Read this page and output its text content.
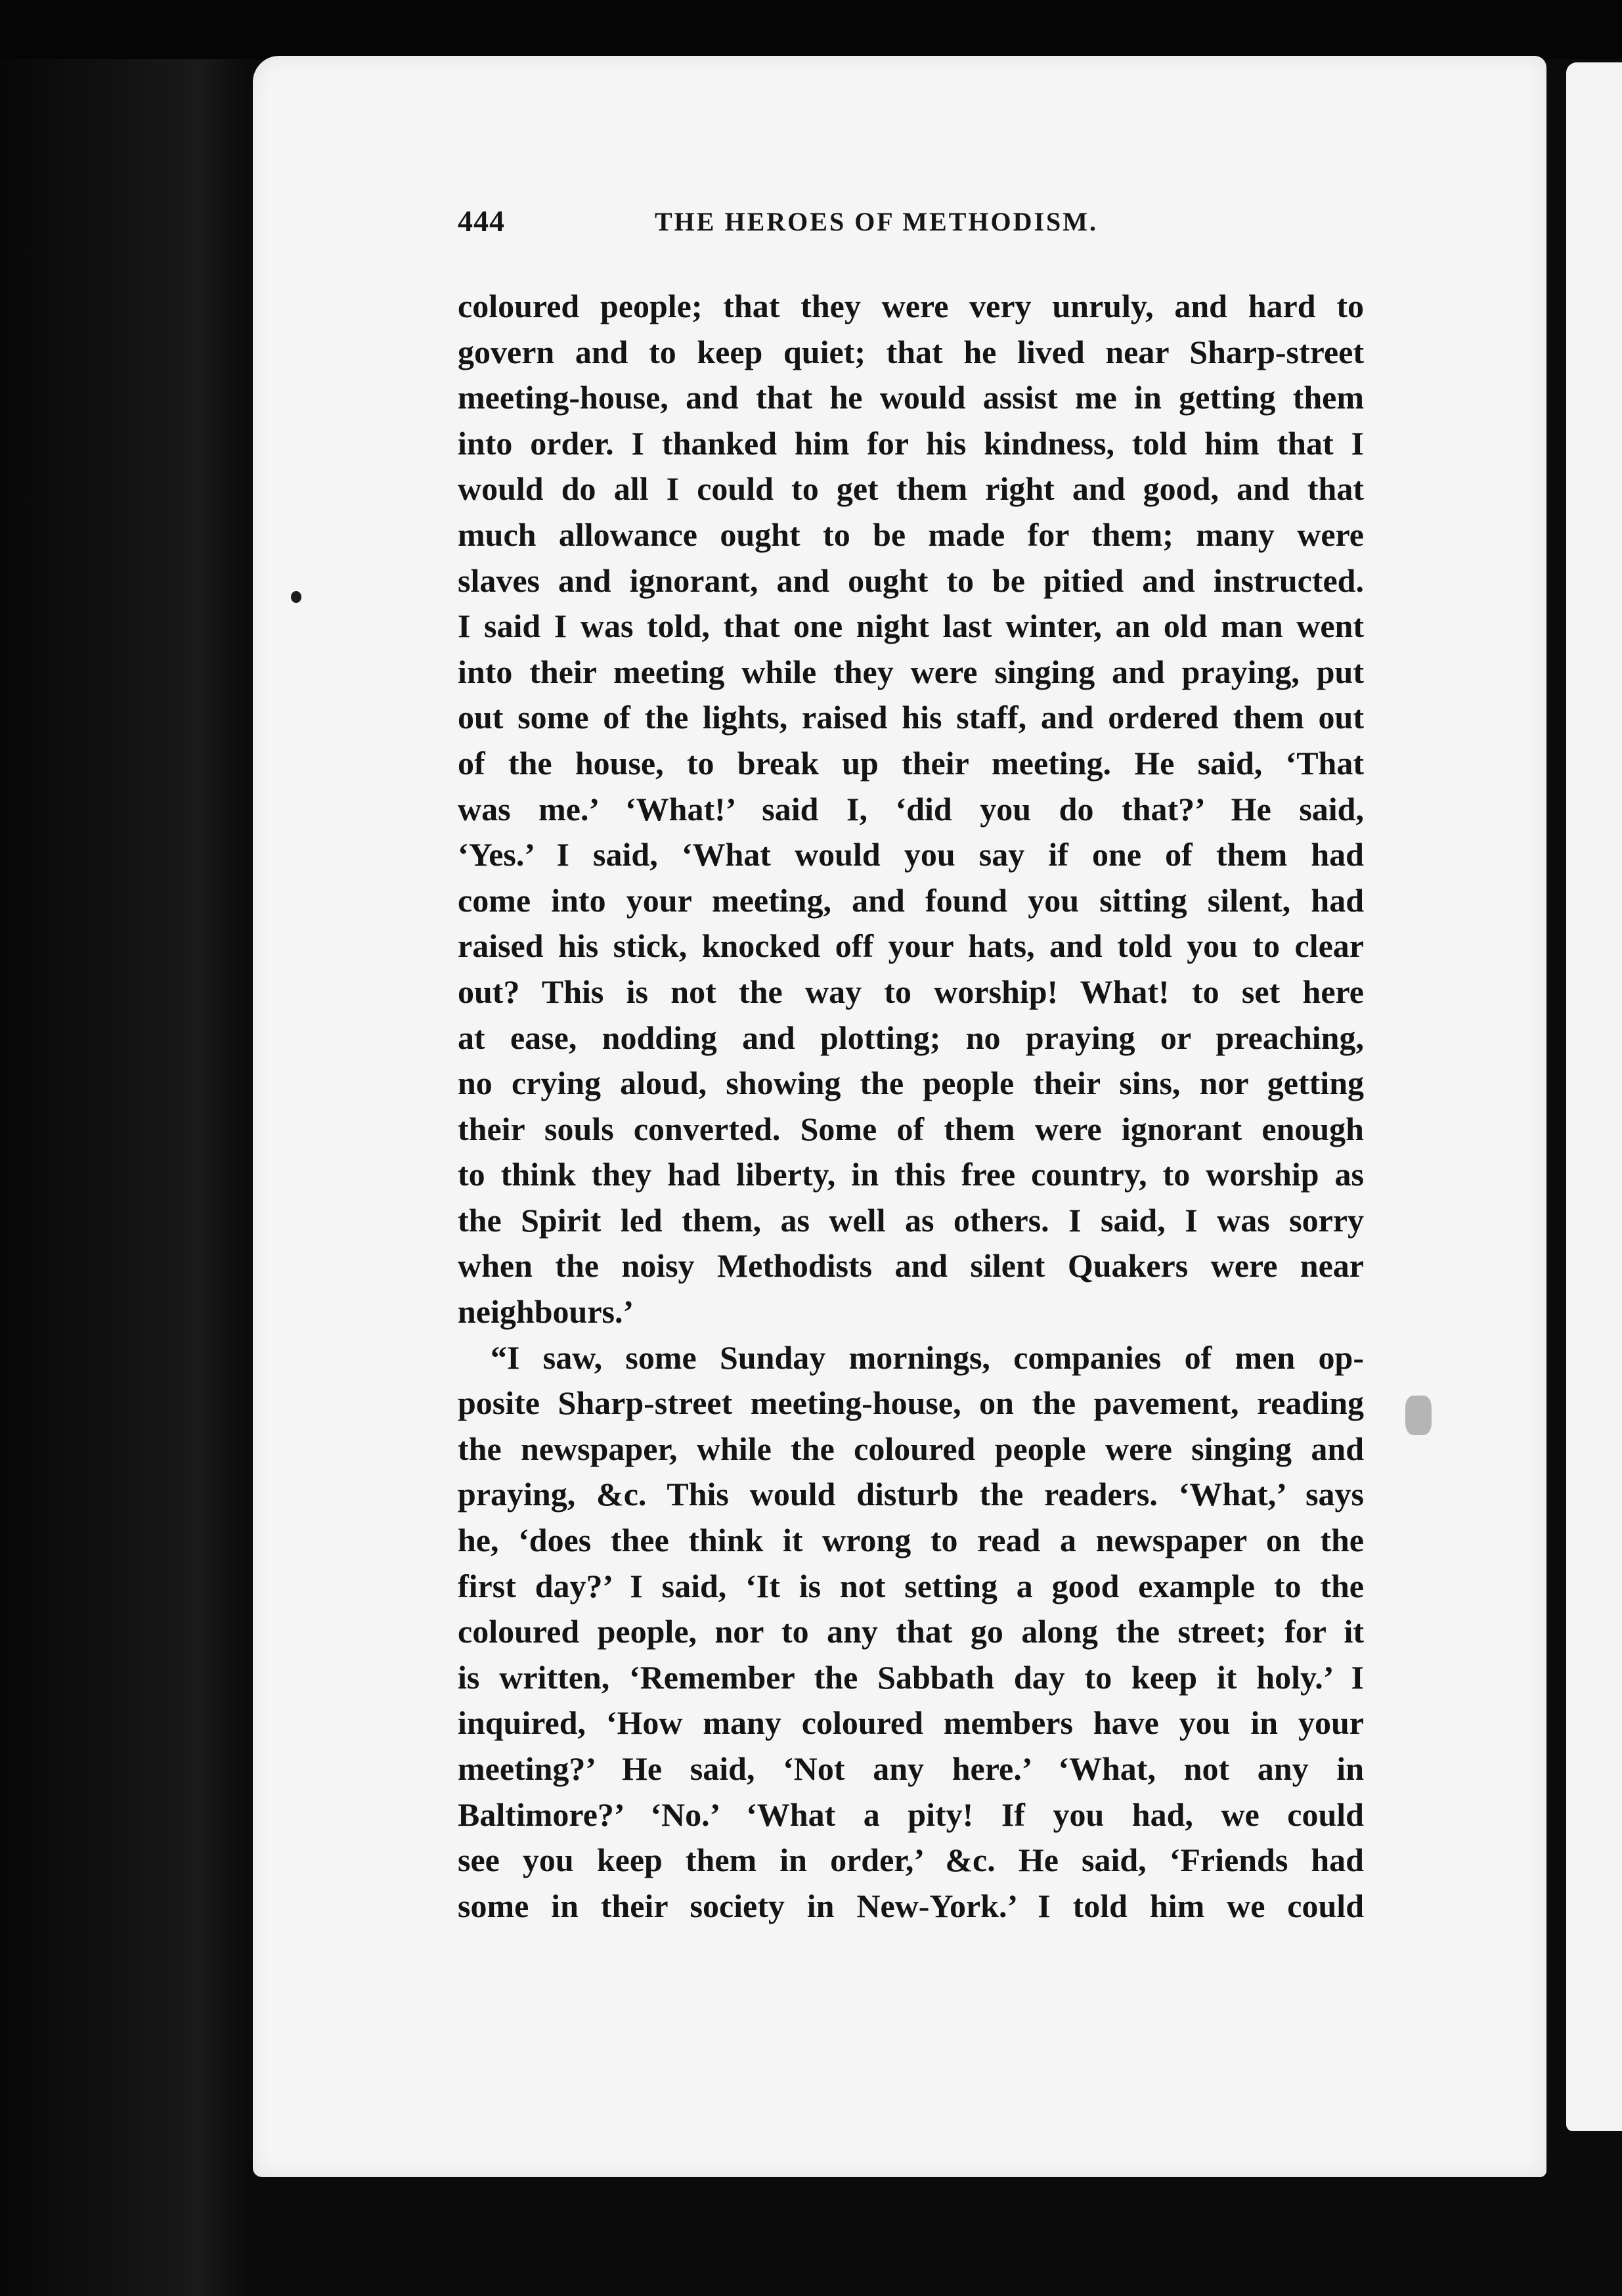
444	THE HEROES OF METHODISM.
coloured people; that they were very unruly, and hard to
govern and to keep quiet; that he lived near Sharp-street
meeting-house, and that he would assist me in getting them
into order. I thanked him for his kindness, told him that I
would do all I could to get them right and good, and that
much allowance ought to be made for them; many were
slaves and ignorant, and ought to be pitied and instructed.
I said I was told, that one night last winter, an old man went
into their meeting while they were singing and praying, put
out some of the lights, raised his staff, and ordered them out
of the house, to break up their meeting. He said, ‘That
was me.’ ‘What!’ said I, ‘did you do that?’ He said,
‘Yes.’ I said, ‘What would you say if one of them had
come into your meeting, and found you sitting silent, had
raised his stick, knocked off your hats, and told you to clear
out? This is not the way to worship! What! to set here
at ease, nodding and plotting; no praying or preaching,
no crying aloud, showing the people their sins, nor getting
their souls converted. Some of them were ignorant enough
to think they had liberty, in this free country, to worship as
the Spirit led them, as well as others. I said, I was sorry
when the noisy Methodists and silent Quakers were near
neighbours.’
“I saw, some Sunday mornings, companies of men op-
posite Sharp-street meeting-house, on the pavement, reading
the newspaper, while the coloured people were singing and
praying, &c. This would disturb the readers. ‘What,’ says
he, ‘does thee think it wrong to read a newspaper on the
first day?’ I said, ‘It is not setting a good example to the
coloured people, nor to any that go along the street; for it
is written, ‘Remember the Sabbath day to keep it holy.’ I
inquired, ‘How many coloured members have you in your
meeting?’ He said, ‘Not any here.’ ‘What, not any in
Baltimore?’ ‘No.’ ‘What a pity! If you had, we could
see you keep them in order,’ &c. He said, ‘Friends had
some in their society in New-York.’ I told him we could
